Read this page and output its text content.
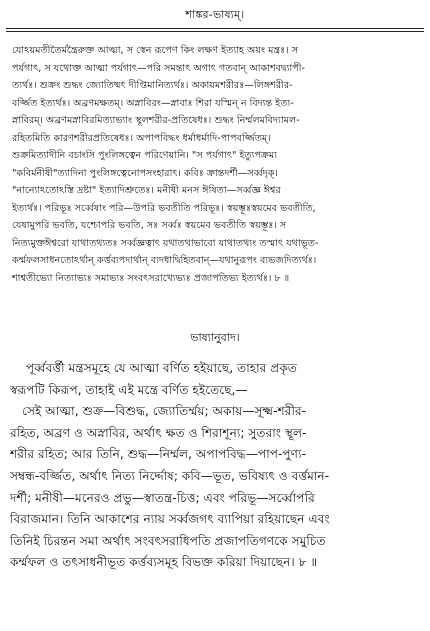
শাঙ্কর-ভাষ্যম্।
যোঽয়মতীতৈর্মন্ত্রৈরুক্ত আত্মা, স স্বেন রূপেণ কিং লক্ষণ ইত্যাহ অয়ং মন্ত্রঃ। স
পর্যগাৎ, স যথোক্ত আত্মা পর্যগাৎ—পরি সমন্তাৎ অগাৎ গতবান্ আকাশবদ্ব্যাপী-
ত্যর্থঃ। শুক্রং শুদ্ধং জ্যোতিষ্মৎ দীপ্তিমানিত্যর্থঃ। অকায়মশরীরঃ—লিঙ্গশরীর-
বর্জ্জিত ইত্যর্থঃ। অব্রণমক্ষতম্। অস্নাবিরং—স্নাবাঃ শিরা যস্মিন্ ন বিদ্যন্ত ইত্য-
স্নাবিরম্। অব্রণমস্নাবিরমিত্যাভ্যাং স্থূলশরীর-প্রতিষেধঃ। শুদ্ধং নির্ম্মলমবিদ্যামল-
রহিতমিতি কারণশরীরপ্রতিষেধঃ। অপাপবিদ্ধং ধর্মাধর্মাদি-পাপবর্জ্জিতম্।
শুক্রমিত্যাদীনি বচাংসি পুংলিঙ্গত্বেন পরিণেয়ানি। "স পর্যগাৎ" ইত্যুপক্রম্য
"কবির্মনীষী"ত্যাদিনা পুংলিঙ্গত্বেনোপসংহারাৎ। কবিঃ ক্রান্তদর্শী—সর্ব্বদৃক্।
"নান্যোঽতোঽস্তি দ্রষ্টা" ইত্যাদিশ্রুতেঃ। মনীষী মনস ঈষিতা—সর্ব্বজ্ঞ ঈশ্বর
ইত্যর্থঃ। পরিভূঃ সর্ব্বেষাং পরি—উপরি ভবতীতি পরিভূঃ। স্বয়ম্ভূঃস্বয়মেব ভবতীতি,
যেষামুপরি ভবতি, যশ্চোপরি ভবতি, সঃ সর্ব্বঃ স্বয়মেব ভবতীতি স্বয়ম্ভূঃ। স
নিত্যমুক্তঈশ্বরো যাথাতথ্যতঃ সর্ব্বজ্ঞত্বাৎ যথাতথাভাবো যাথাতথ্যং তস্মাৎ যথাভূত-
কর্ম্মফলসাধনতোঽর্থান্ কর্ত্তব্যপদার্থান্ ব্যদধাদ্বিহিতবান্—যথানুরূপং ব্যভজদিত্যর্থঃ।
শাশ্বতীভ্যো নিত্যাভ্যঃ সমাভ্যঃ সংবৎসরাখ্যেভ্যঃ প্রজাপতিভ্য ইত্যর্থঃ। ৮ ॥
ভাষ্যানুবাদ।
পূর্ব্ববর্ত্তী মন্ত্রসমূহে যে আত্মা বর্ণিত হইয়াছে, তাহার প্রকৃত
স্বরূপটি কিরূপ, তাহাই এই মন্ত্রে বর্ণিত হইতেছে,—
সেই আত্মা, শুক্র—বিশুদ্ধ, জ্যোতির্ম্ময়; অকায়—সূক্ষ্ম-শরীর-
রহিত, অব্রণ ও অস্নাবির, অর্থাৎ ক্ষত ও শিরাশূন্য; সুতরাং স্থূল-
শরীর রহিত; আর তিনি, শুদ্ধ—নির্ম্মল, অপাপবিদ্ধ—পাপ-পুণ্য-
সম্বন্ধ-বর্জ্জিত, অর্থাৎ নিত্য নির্দ্দোষ; কবি—ভূত, ভবিষ্যৎ ও বর্ত্তমান-
দর্শী; মনীষী—মনেরও প্রভু—স্বাতন্ত্র-চিত্ত; এবং পরিভূ—সর্ব্বোপরি
বিরাজমান। তিনি আকাশের ন্যায় সর্ব্বজগৎ ব্যাপিয়া রহিয়াছেন এবং
তিনিই চিরন্তন সমা অর্থাৎ সংবৎসরাধিপতি প্রজাপতিগণকে সমুচিত
কর্ম্মফল ও তৎসাধনীভূত কর্ত্তব্যসমূহ বিভক্ত করিয়া দিয়াছেন। ৮ ॥
